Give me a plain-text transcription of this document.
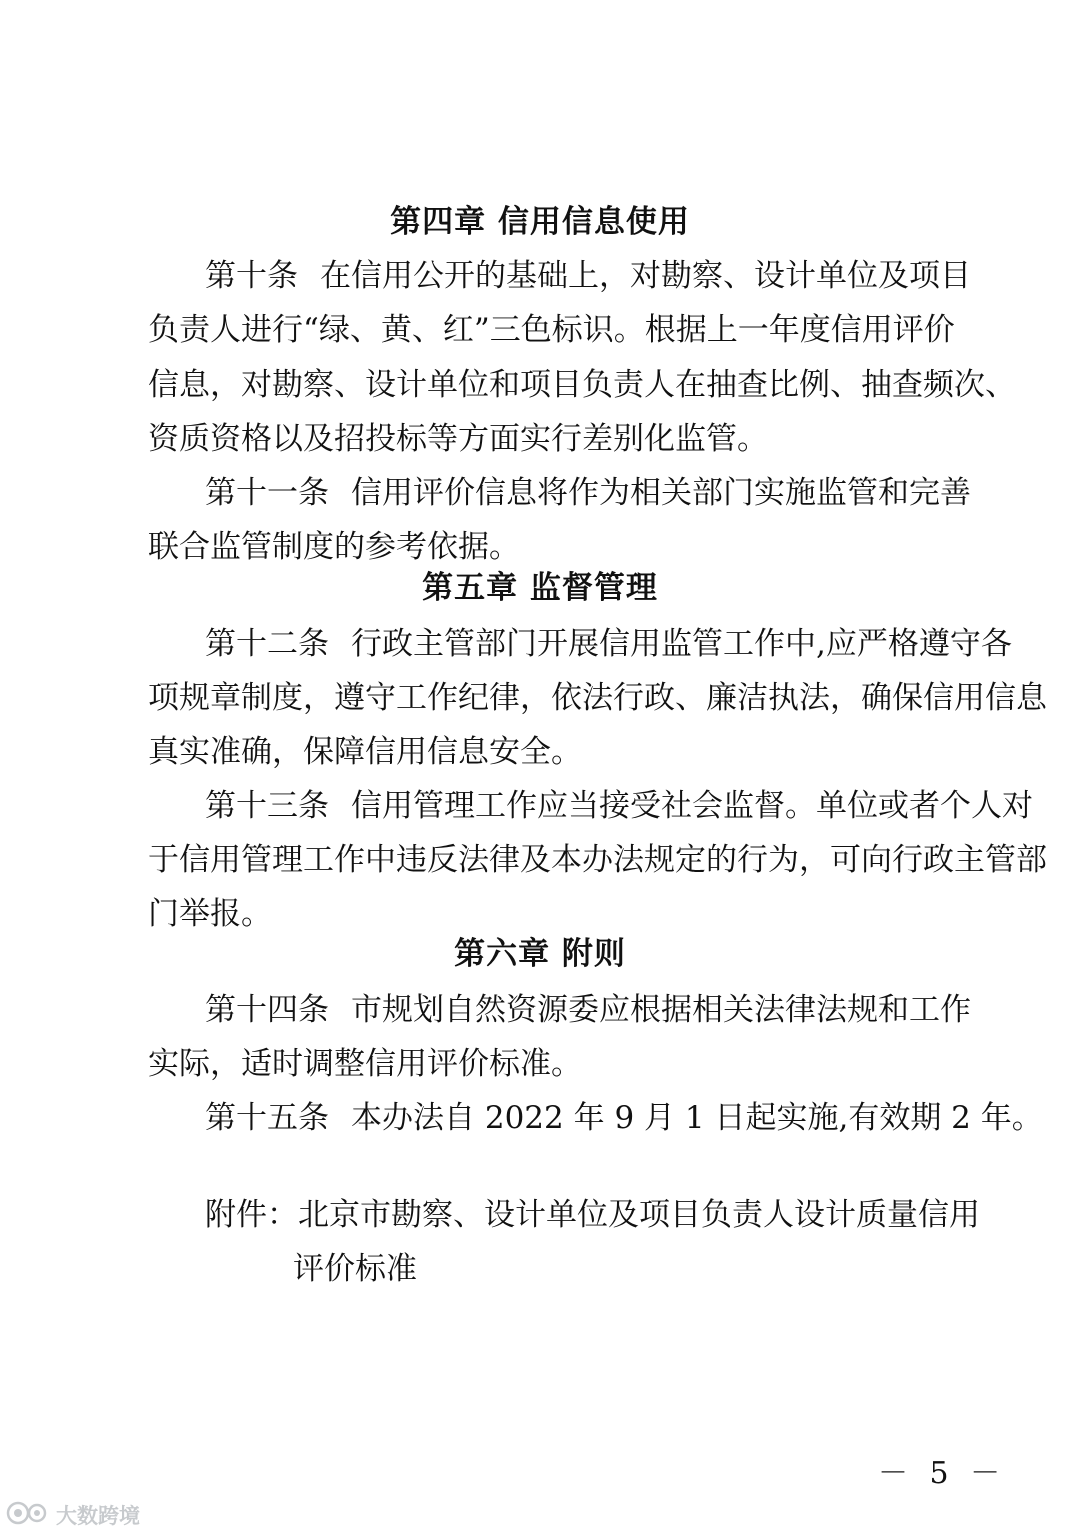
第四章 信用信息使用
第十条 在信用公开的基础上，对勘察、设计单位及项目
负责人进行“绿、黄、红”三色标识。根据上一年度信用评价
信息，对勘察、设计单位和项目负责人在抽查比例、抽查频次、
资质资格以及招投标等方面实行差别化监管。
第十一条 信用评价信息将作为相关部门实施监管和完善
联合监管制度的参考依据。
第五章 监督管理
第十二条 行政主管部门开展信用监管工作中,应严格遵守各
项规章制度，遵守工作纪律，依法行政、廉洁执法，确保信用信息
真实准确，保障信用信息安全。
第十三条 信用管理工作应当接受社会监督。单位或者个人对
于信用管理工作中违反法律及本办法规定的行为，可向行政主管部
门举报。
第六章 附则
第十四条 市规划自然资源委应根据相关法律法规和工作
实际，适时调整信用评价标准。
第十五条 本办法自 2022 年 9 月 1 日起实施,有效期 2 年。
附件：北京市勘察、设计单位及项目负责人设计质量信用
评价标准
－ 5 －
大数跨境
